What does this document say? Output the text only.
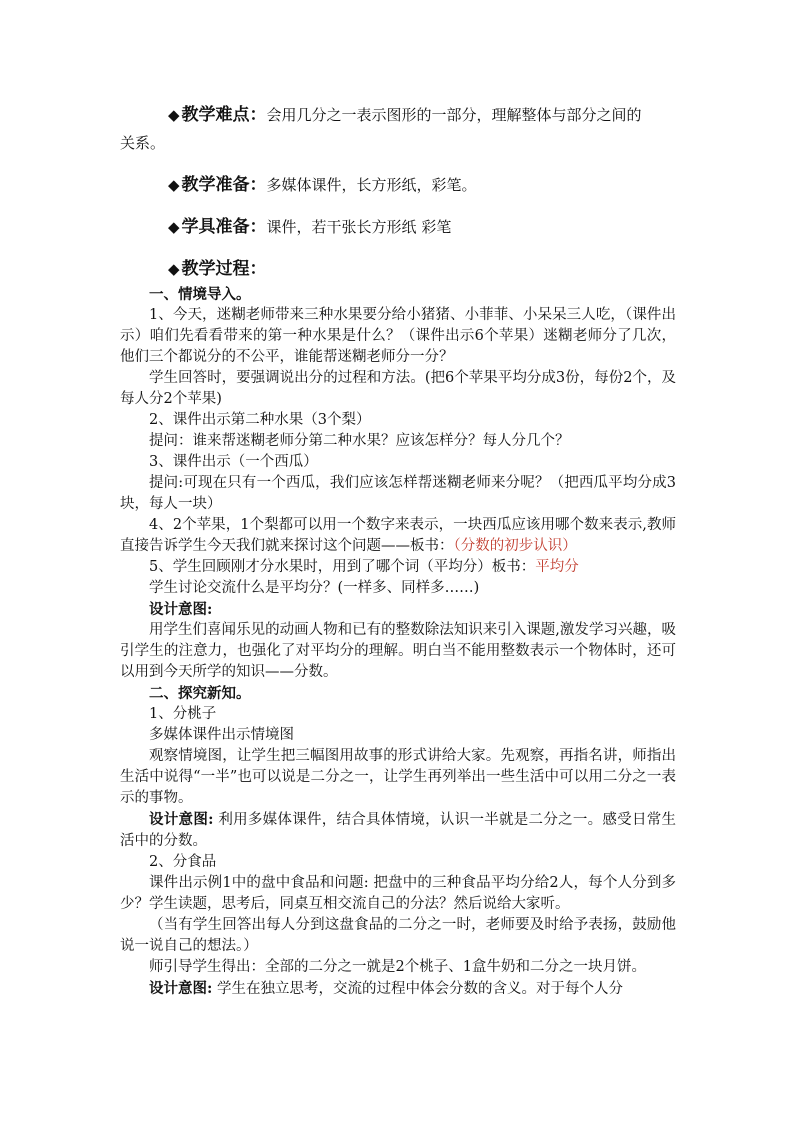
◆ 教学难点：会用几分之一表示图形的一部分，理解整体与部分之间的

关系。

◆ 教学准备：多媒体课件，长方形纸，彩笔。

◆ 学具准备：课件，若干张长方形纸 彩笔

◆ 教学过程：

一、情境导入。

1、今天，迷糊老师带来三种水果要分给小猪猪、小菲菲、小呆呆三人吃，（课件出示）咱们先看看带来的第一种水果是什么？（课件出示6个苹果）迷糊老师分了几次，他们三个都说分的不公平，谁能帮迷糊老师分一分？

学生回答时，要强调说出分的过程和方法。(把6个苹果平均分成3份，每份2个，及每人分2个苹果)

2、课件出示第二种水果（3个梨）

提问：谁来帮迷糊老师分第二种水果？应该怎样分？每人分几个？

3、课件出示（一个西瓜）

提问:可现在只有一个西瓜，我们应该怎样帮迷糊老师来分呢？（把西瓜平均分成3块，每人一块）

4、2个苹果，1个梨都可以用一个数字来表示，一块西瓜应该用哪个数来表示,教师直接告诉学生今天我们就来探讨这个问题——板书：（分数的初步认识）

5、学生回顾刚才分水果时，用到了哪个词（平均分）板书：平均分

学生讨论交流什么是平均分？(一样多、同样多……)

设计意图:

用学生们喜闻乐见的动画人物和已有的整数除法知识来引入课题,激发学习兴趣，吸引学生的注意力，也强化了对平均分的理解。明白当不能用整数表示一个物体时，还可以用到今天所学的知识——分数。

二、探究新知。

1、分桃子

多媒体课件出示情境图

观察情境图，让学生把三幅图用故事的形式讲给大家。先观察，再指名讲，师指出生活中说得“一半”也可以说是二分之一，让学生再列举出一些生活中可以用二分之一表示的事物。

设计意图: 利用多媒体课件，结合具体情境，认识一半就是二分之一。感受日常生活中的分数。

2、分食品

课件出示例1中的盘中食品和问题: 把盘中的三种食品平均分给2人，每个人分到多少？学生读题，思考后，同桌互相交流自己的分法？然后说给大家听。

（当有学生回答出每人分到这盘食品的二分之一时，老师要及时给予表扬，鼓励他说一说自己的想法。）

师引导学生得出：全部的二分之一就是2个桃子、1盒牛奶和二分之一块月饼。

设计意图: 学生在独立思考，交流的过程中体会分数的含义。对于每个人分
